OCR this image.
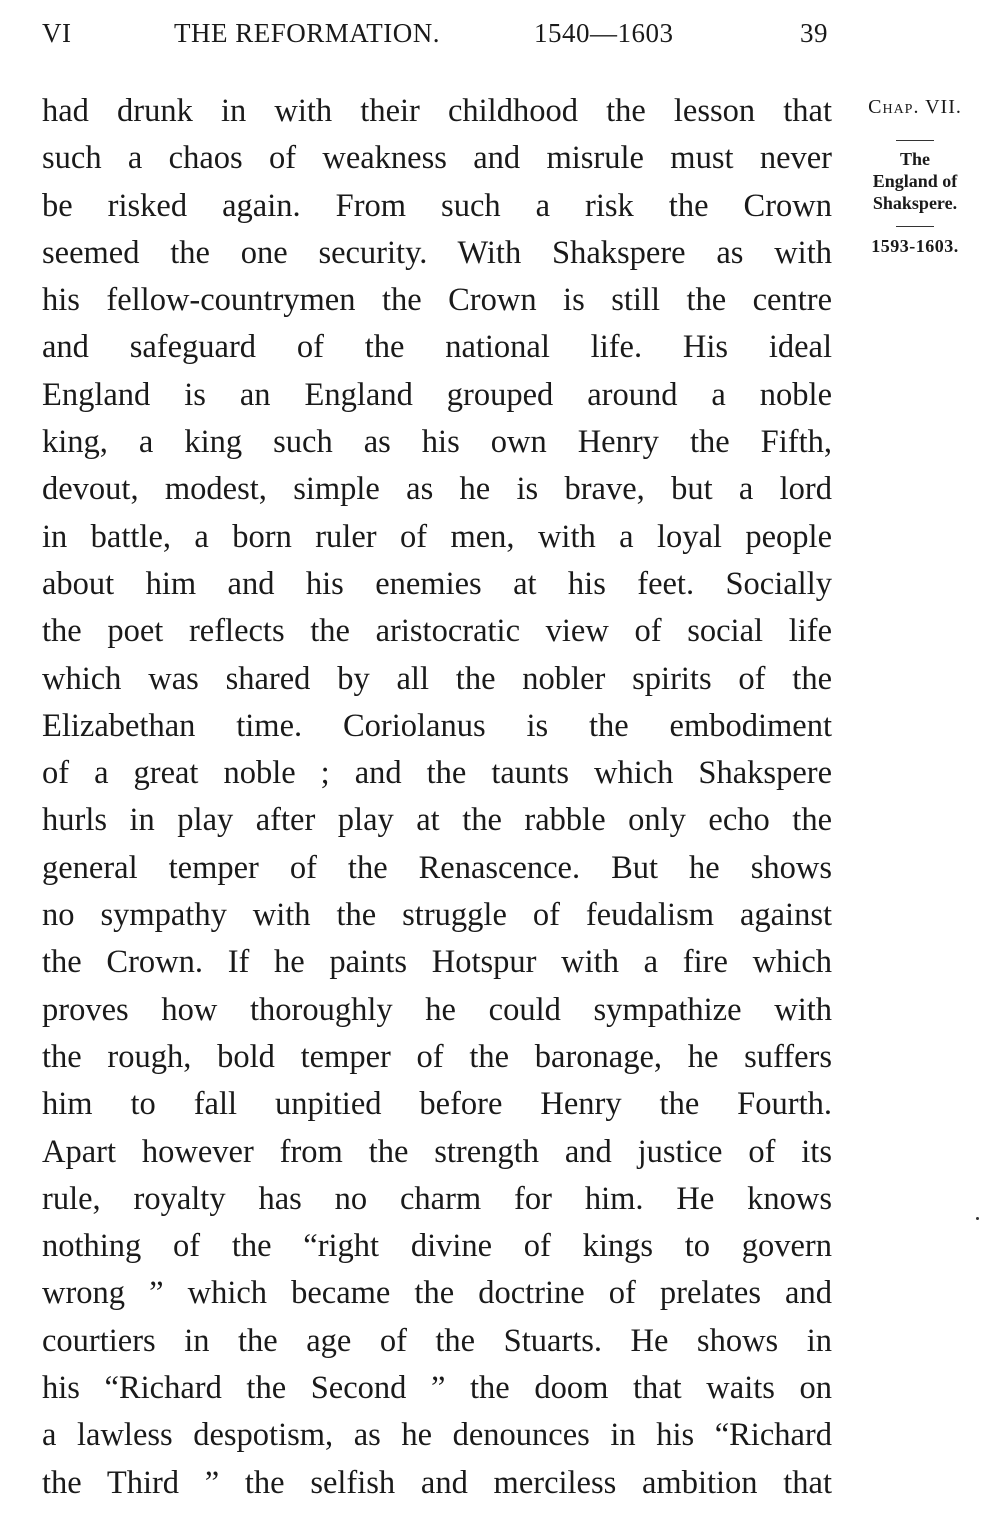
VI	THE REFORMATION.	1540—1603	39
had drunk in with their childhood the lesson that
such a chaos of weakness and misrule must never
be risked again. From such a risk the Crown
seemed the one security. With Shakspere as with
his fellow-countrymen the Crown is still the centre
and safeguard of the national life. His ideal
England is an England grouped around a noble
king, a king such as his own Henry the Fifth,
devout, modest, simple as he is brave, but a lord
in battle, a born ruler of men, with a loyal people
about him and his enemies at his feet. Socially
the poet reflects the aristocratic view of social life
which was shared by all the nobler spirits of the
Elizabethan time. Coriolanus is the embodiment
of a great noble ; and the taunts which Shakspere
hurls in play after play at the rabble only echo the
general temper of the Renascence. But he shows
no sympathy with the struggle of feudalism against
the Crown. If he paints Hotspur with a fire which
proves how thoroughly he could sympathize with
the rough, bold temper of the baronage, he suffers
him to fall unpitied before Henry the Fourth.
Apart however from the strength and justice of its
rule, royalty has no charm for him. He knows
nothing of the “right divine of kings to govern
wrong ” which became the doctrine of prelates and
courtiers in the age of the Stuarts. He shows in
his “Richard the Second ” the doom that waits on
a lawless despotism, as he denounces in his “Richard
the Third ” the selfish and merciless ambition that
Chap. VII.
The
England of
Shakspere.
1593-1603.
